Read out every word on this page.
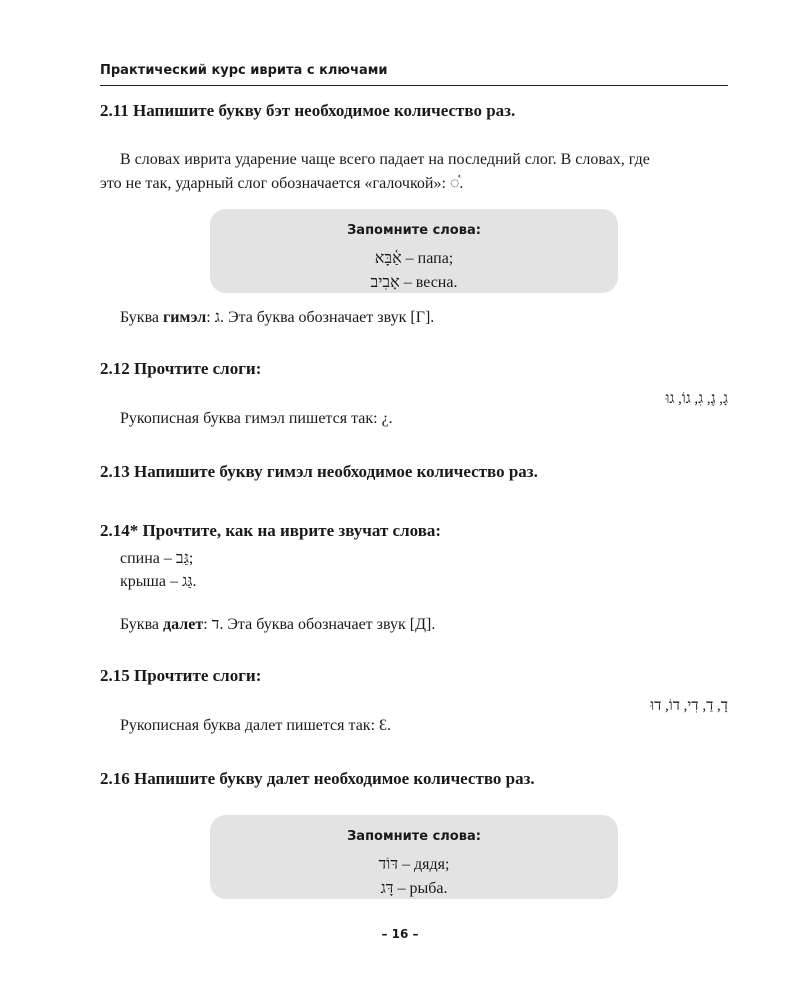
Практический курс иврита с ключами
2.11 Напишите букву бэт необходимое количество раз.
В словах иврита ударение чаще всего падает на последний слог. В словах, где
это не так, ударный слог обозначается «галочкой»: ◌֫.
Запомните слова:
אַ֫בָּא – папа;
אָבִיב – весна.
Буква гимэл: ג. Эта буква обозначает звук [Г].
2.12 Прочтите слоги:
גָ, גֶ, גִ, גוֹ, גוּ
Рукописная буква гимэл пишется так: ¿.
2.13 Напишите букву гимэл необходимое количество раз.
2.14* Прочтите, как на иврите звучат слова:
спина – גַּב;
крыша – גַּג.
Буква далет: ד. Эта буква обозначает звук [Д].
2.15 Прочтите слоги:
דָ, דַ, דִי, דוֹ, דוּ
Рукописная буква далет пишется так: Ɛ.
2.16 Напишите букву далет необходимое количество раз.
Запомните слова:
דּוֹד – дядя;
דָּג – рыба.
– 16 –
